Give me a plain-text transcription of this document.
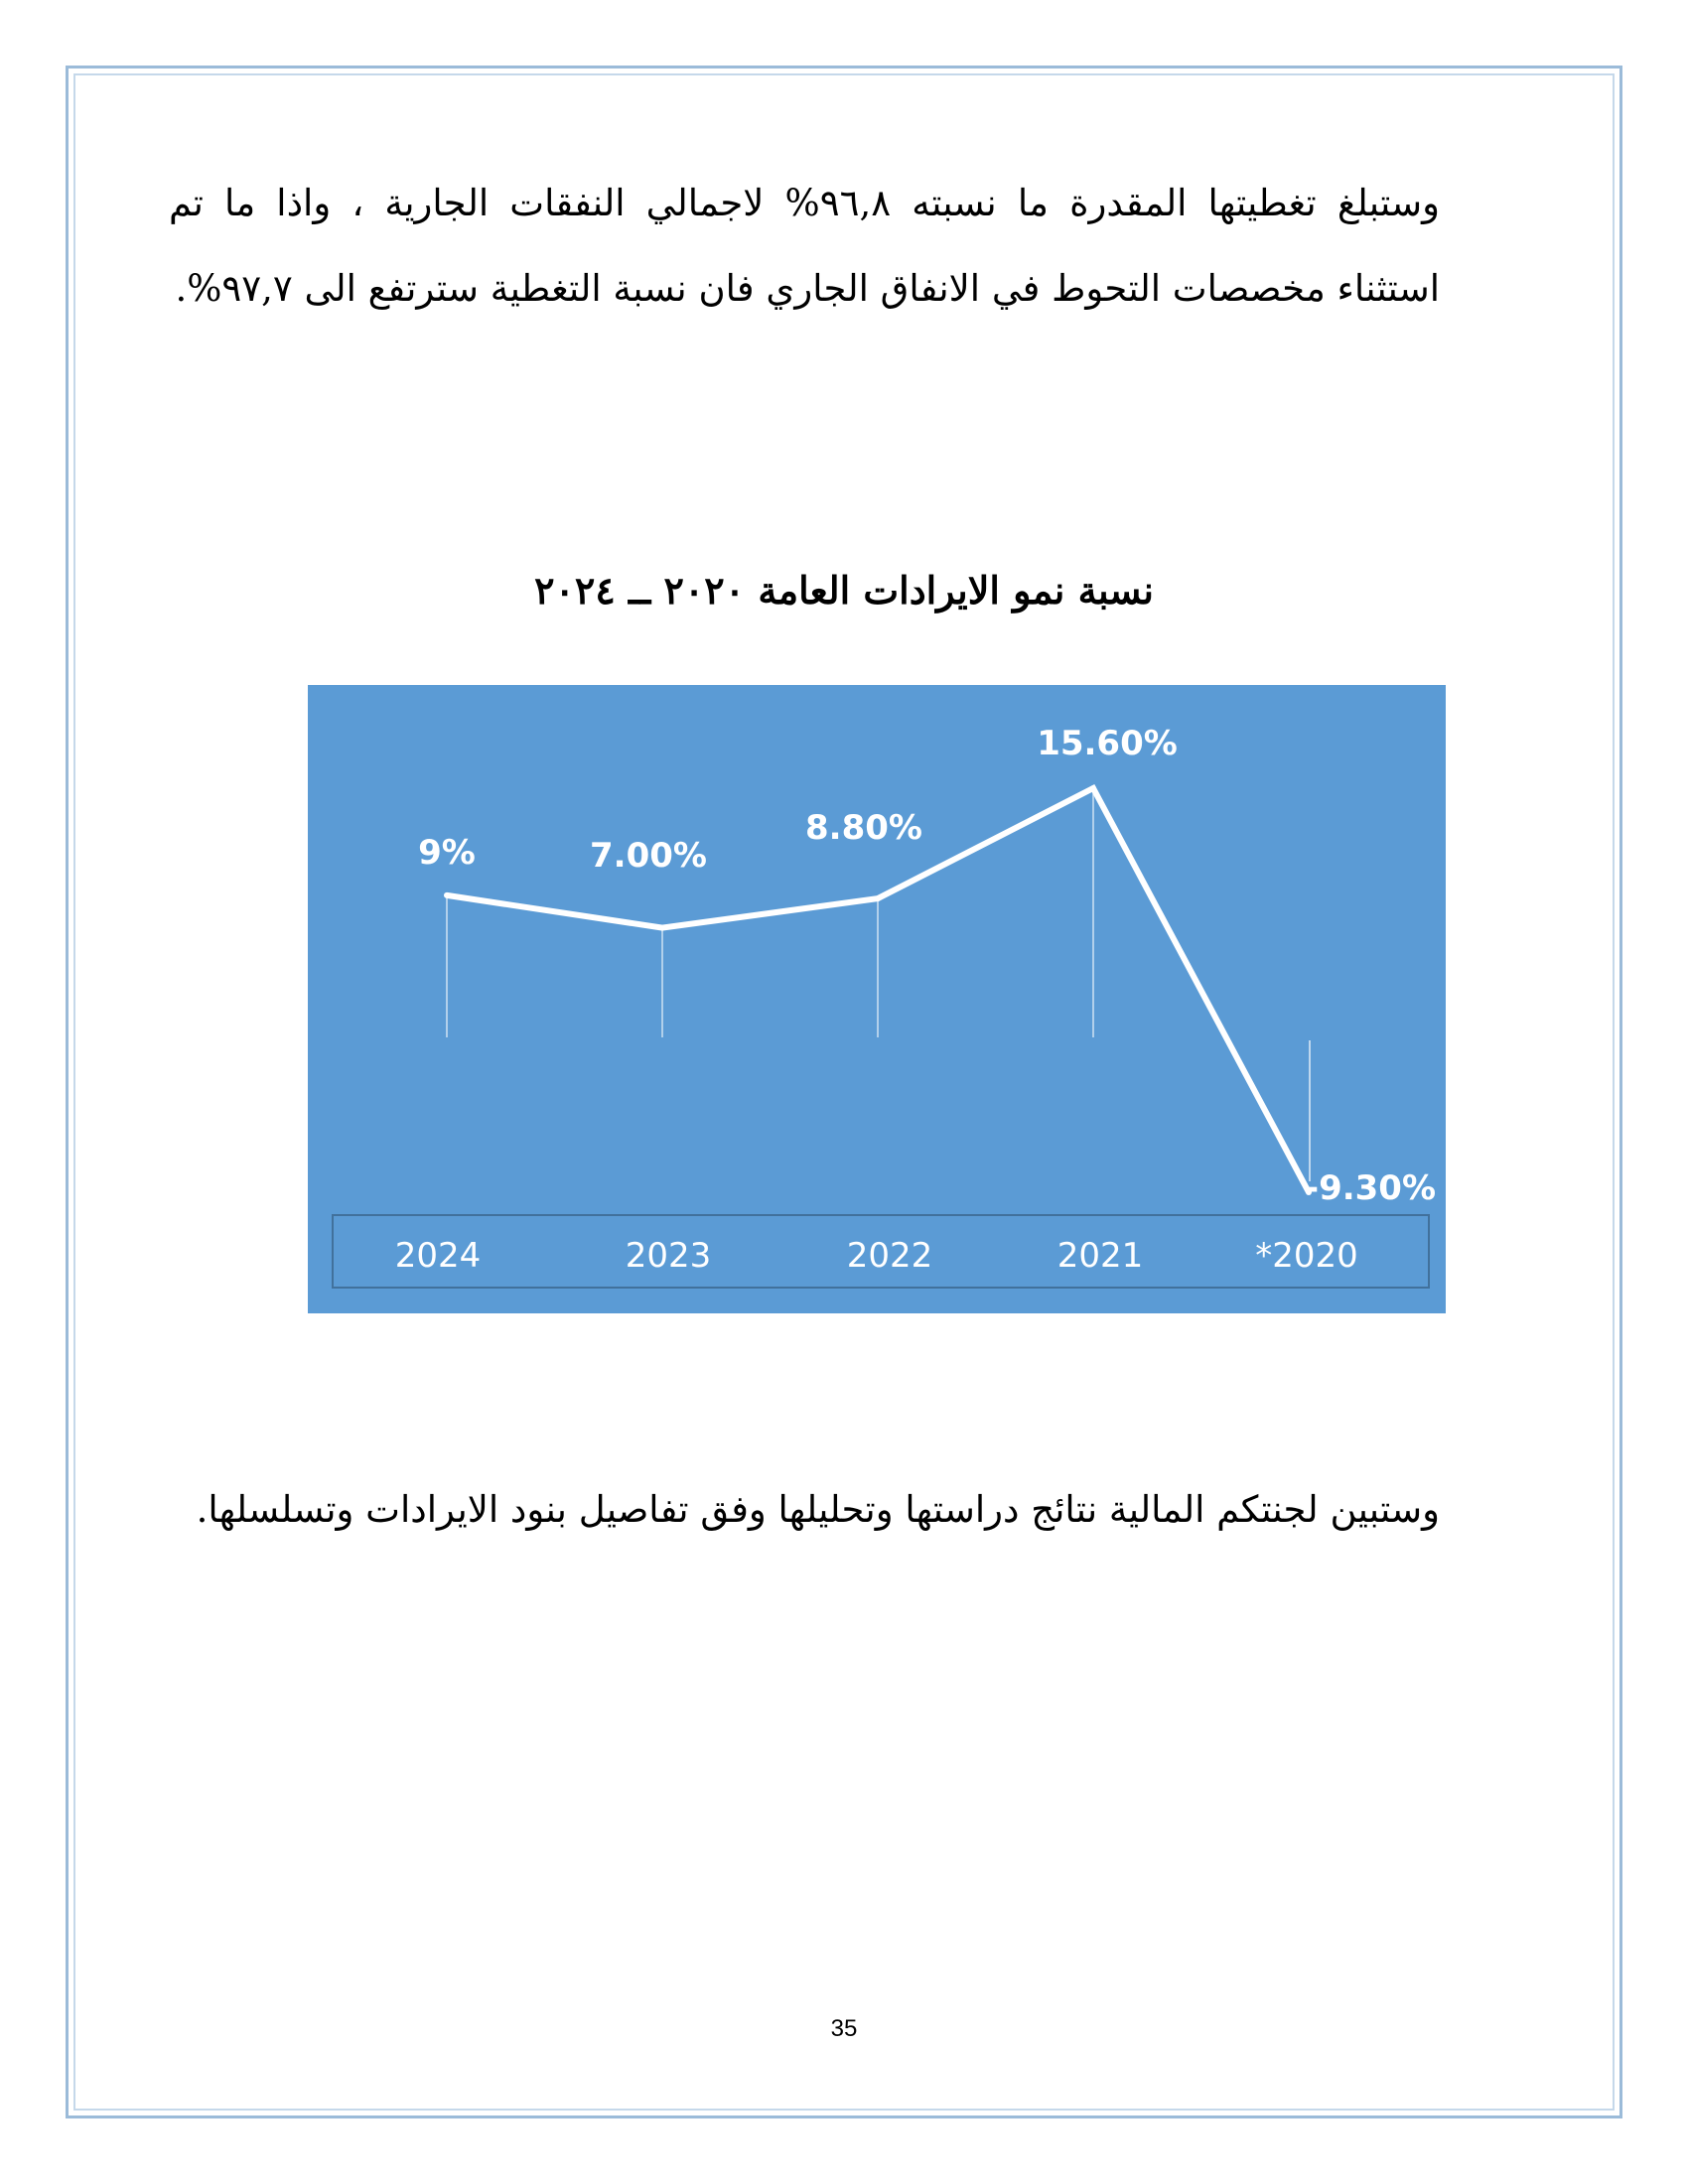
وستبلغ تغطيتها المقدرة ما نسبته ٩٦,٨% لاجمالي النفقات الجارية ، واذا ما تم استثناء مخصصات التحوط في الانفاق الجاري فان نسبة التغطية سترتفع الى ٩٧,٧%.

نسبة نمو الايرادات العامة ٢٠٢٠ ــ ٢٠٢٤
9%	7.00%
8.80%
15.60%
-9.30%
2024	2023	2022	2021	*2020

وستبين لجنتكم المالية نتائج دراستها وتحليلها وفق تفاصيل بنود الايرادات وتسلسلها.

35
